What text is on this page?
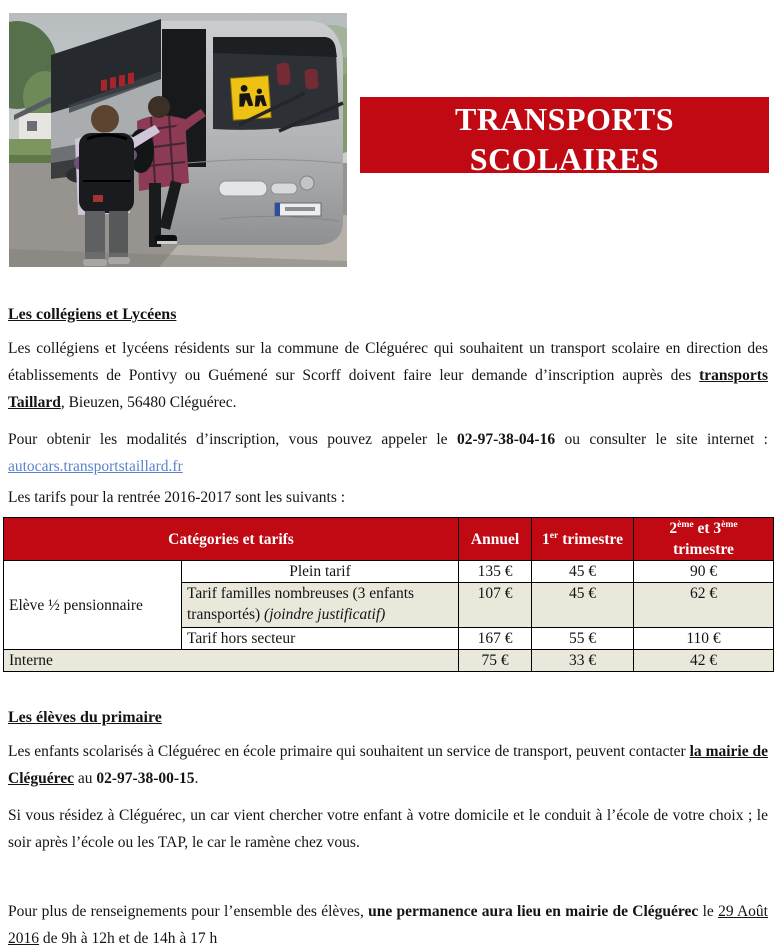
TRANSPORTS SCOLAIRES
Rentrée 2016-2017
Les collégiens et Lycéens

Les collégiens et lycéens résidents sur la commune de Cléguérec qui souhaitent un transport scolaire en direction des établissements de Pontivy ou Guémené sur Scorff doivent faire leur demande d’inscription auprès des transports Taillard, Bieuzen, 56480 Cléguérec.

Pour obtenir les modalités d’inscription, vous pouvez appeler le 02-97-38-04-16 ou consulter le site internet : autocars.transportstaillard.fr

Les tarifs pour la rentrée 2016-2017 sont les suivants :

Catégories et tarifs		Annuel	1er trimestre	2ème et 3ème trimestre
Elève ½ pensionnaire	Plein tarif	135 €	45 €	90 €
	Tarif familles nombreuses (3 enfants transportés) (joindre justificatif)	107 €	45 €	62 €
	Tarif hors secteur	167 €	55 €	110 €
Interne		75 €	33 €	42 €
Les élèves du primaire

Les enfants scolarisés à Cléguérec en école primaire qui souhaitent un service de transport, peuvent contacter la mairie de Cléguérec au 02-97-38-00-15.

Si vous résidez à Cléguérec, un car vient chercher votre enfant à votre domicile et le conduit à l’école de votre choix ; le soir après l’école ou les TAP, le car le ramène chez vous.

Pour plus de renseignements pour l’ensemble des élèves, une permanence aura lieu en mairie de Cléguérec le 29 Août 2016 de 9h à 12h et de 14h à 17 h
